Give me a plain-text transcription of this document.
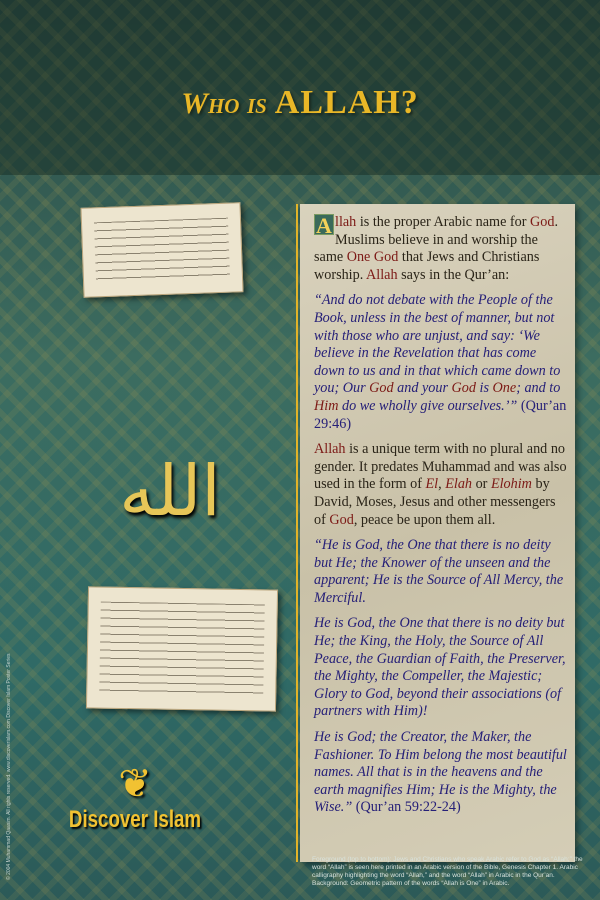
Who is ALLAH?
الله

A llah is the proper Arabic name for God. Muslims believe in and worship the same One God that Jews and Christians worship. Allah says in the Qur’an:

“And do not debate with the People of the Book, unless in the best of manner, but not with those who are unjust, and say: ‘We believe in the Revelation that has come down to us and in that which came down to you; Our God and your God is One; and to Him do we wholly give ourselves.’” (Qur’an 29:46)

Allah is a unique term with no plural and no gender. It predates Muhammad and was also used in the form of El, Elah or Elohim by David, Moses, Jesus and other messengers of God, peace be upon them all.

“He is God, the One that there is no deity but He; the Knower of the unseen and the apparent; He is the Source of All Mercy, the Merciful.

He is God, the One that there is no deity but He; the King, the Holy, the Source of All Peace, the Guardian of Faith, the Preserver, the Mighty, the Compeller, the Majestic; Glory to God, beyond their associations (of partners with Him)!

He is God; the Creator, the Maker, the Fashioner. To Him belong the most beautiful names. All that is in the heavens and the earth magnifies Him; He is the Mighty, the Wise.” (Qur’an 59:22-24)

Foreground (top to bottom): Jews and Christians who speak Arabic refer to God as “Allah;” the word “Allah” is seen here printed in an Arabic version of the Bible, Genesis Chapter 1. Arabic calligraphy highlighting the word “Allah,” and the word “Allah” in Arabic in the Qur’an. Background: Geometric pattern of the words “Allah is One” in Arabic.
❦
Discover Islam
© 2004 Muhammad Qaasim. All rights reserved. www.discoverislam.com Discover Islam Poster Series
